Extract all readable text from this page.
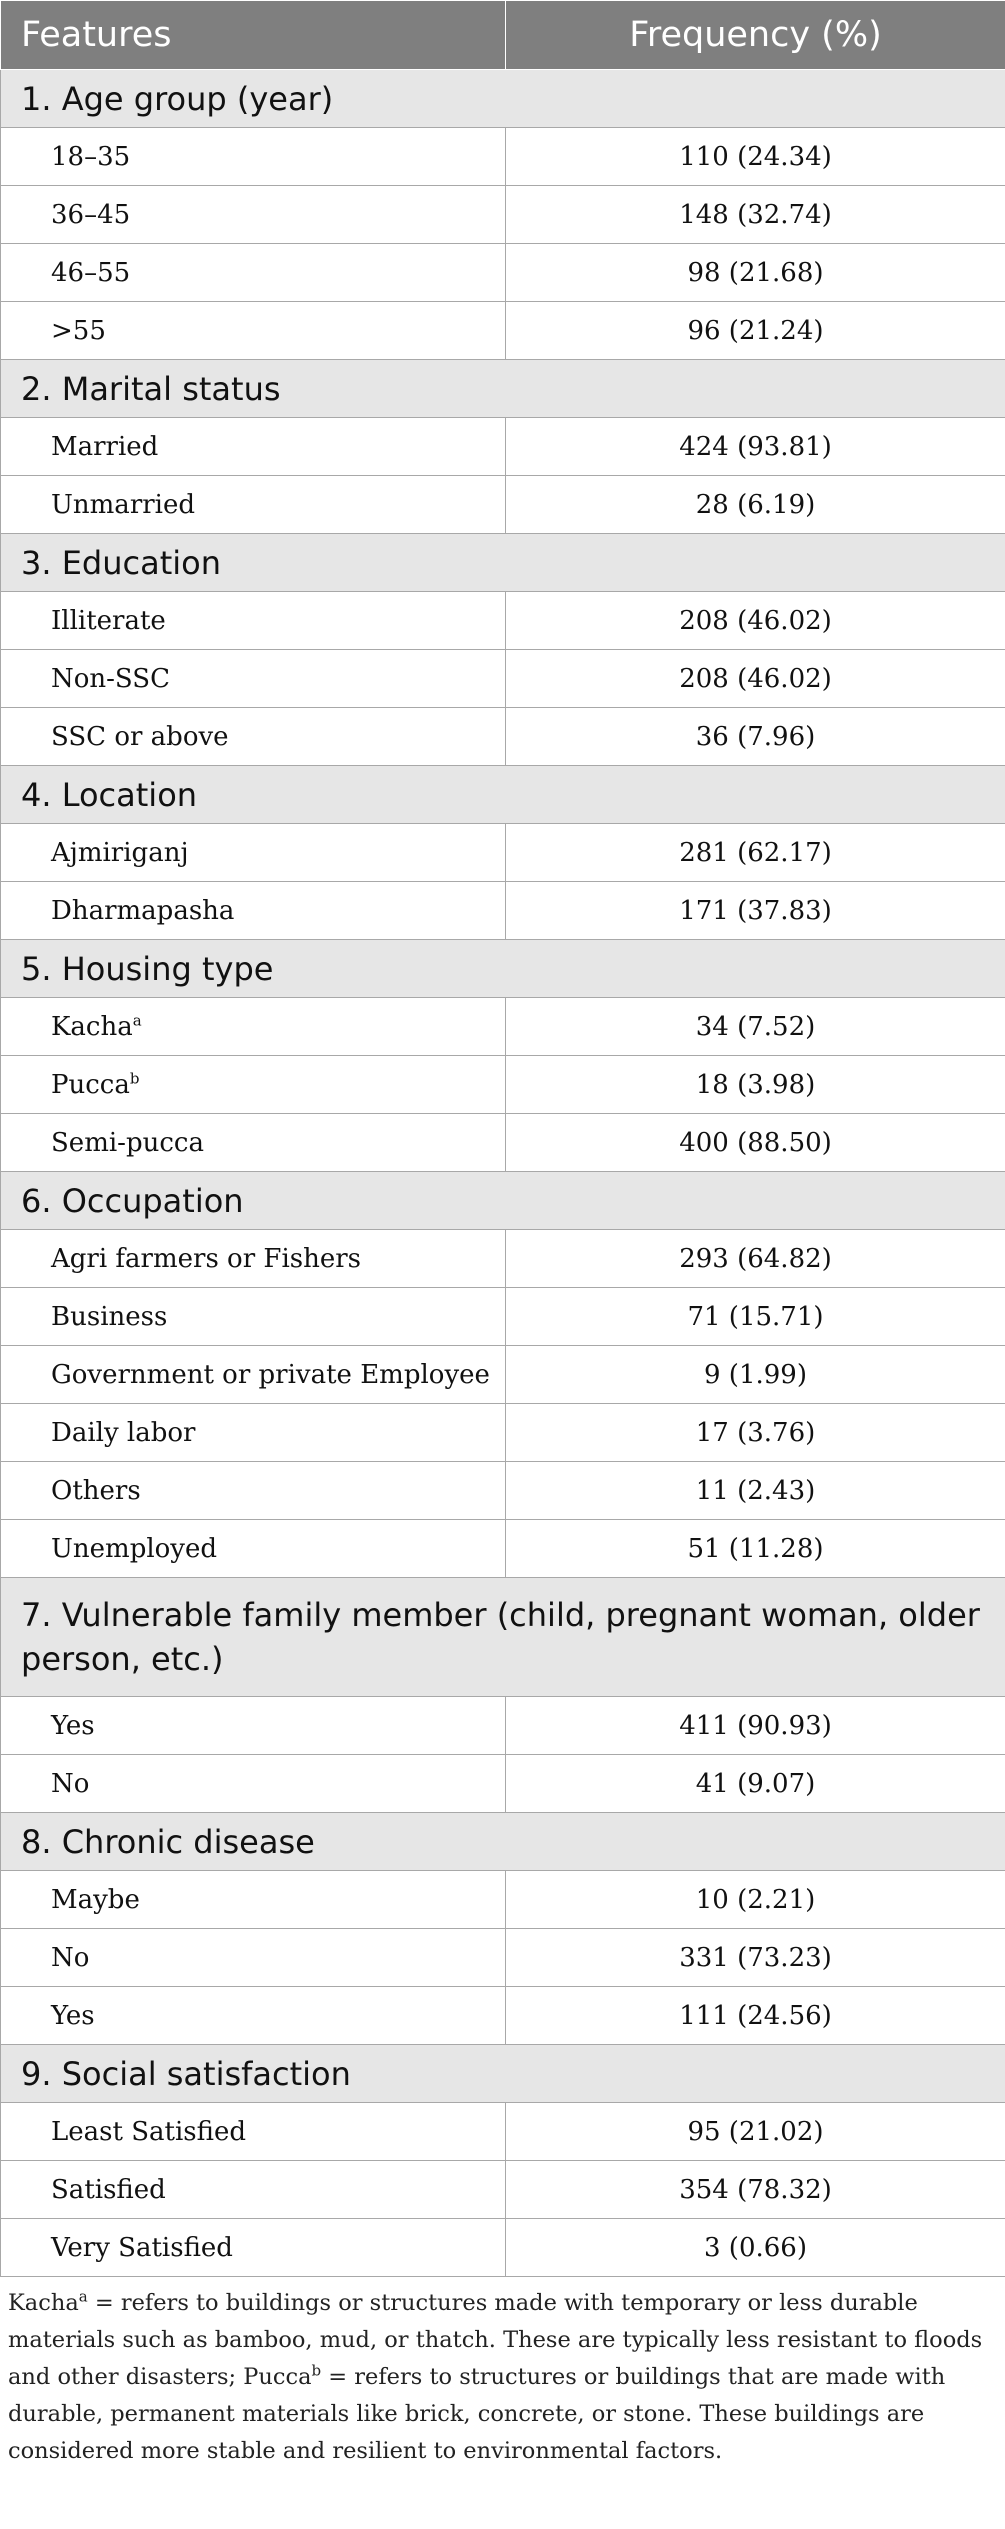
Features	Frequency (%)
1. Age group (year)	
18–35	110 (24.34)
36–45	148 (32.74)
46–55	98 (21.68)
>55	96 (21.24)
2. Marital status	
Married	424 (93.81)
Unmarried	28 (6.19)
3. Education	
Illiterate	208 (46.02)
Non-SSC	208 (46.02)
SSC or above	36 (7.96)
4. Location	
Ajmiriganj	281 (62.17)
Dharmapasha	171 (37.83)
5. Housing type	
Kacha$^a$	34 (7.52)
Pucca$^b$	18 (3.98)
Semi-pucca	400 (88.50)
6. Occupation	
Agri farmers or Fishers	293 (64.82)
Business	71 (15.71)
Government or private Employee	9 (1.99)
Daily labor	17 (3.76)
Others	11 (2.43)
Unemployed	51 (11.28)
7. Vulnerable family member (child, pregnant woman, older person, etc.)	
Yes	411 (90.93)
No	41 (9.07)
8. Chronic disease	
Maybe	10 (2.21)
No	331 (73.23)
Yes	111 (24.56)
9. Social satisfaction	
Least Satisfied	95 (21.02)
Satisfied	354 (78.32)
Very Satisfied	3 (0.66)
Kacha$^a$ = refers to buildings or structures made with temporary or less durable materials such as bamboo, mud, or thatch. These are typically less resistant to floods and other disasters; Pucca$^b$ = refers to structures or buildings that are made with durable, permanent materials like brick, concrete, or stone. These buildings are considered more stable and resilient to environmental factors.
